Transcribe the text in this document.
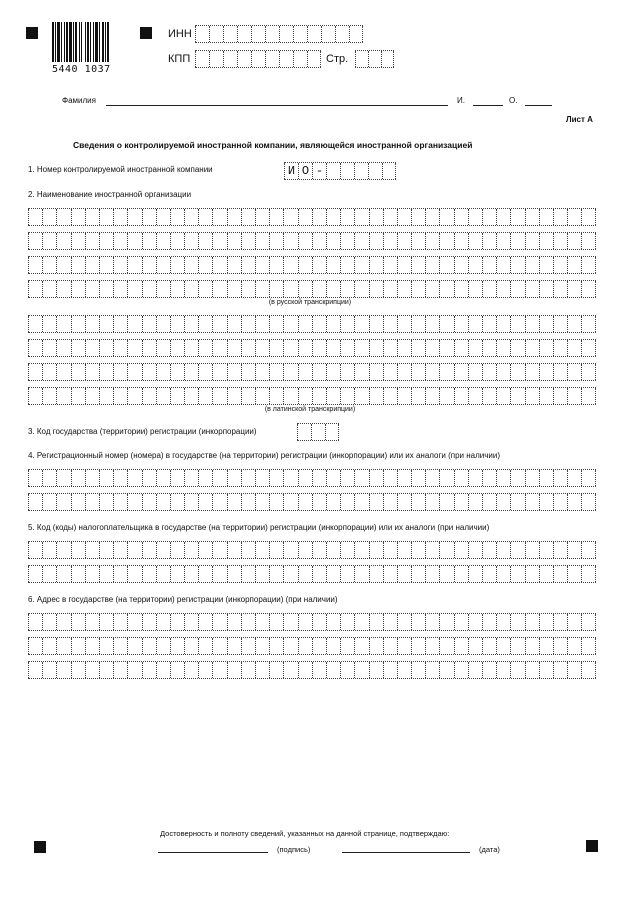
5440 1037
ИНН
КПП	Стр.
Фамилия	И.	О.
Лист А
Сведения о контролируемой иностранной компании, являющейся иностранной организацией
1. Номер контролируемой иностранной компании	И О -
2. Наименование иностранной организации
(в русской транскрипции)
(в латинской транскрипции)
3. Код государства (территории) регистрации (инкорпорации)
4. Регистрационный номер (номера) в государстве (на территории) регистрации (инкорпорации) или их аналоги (при наличии)
5. Код (коды) налогоплательщика в государстве (на территории) регистрации (инкорпорации) или их аналоги (при наличии)
6. Адрес в государстве (на территории) регистрации (инкорпорации) (при наличии)
Достоверность и полноту сведений, указанных на данной странице, подтверждаю:
(подпись)	(дата)
